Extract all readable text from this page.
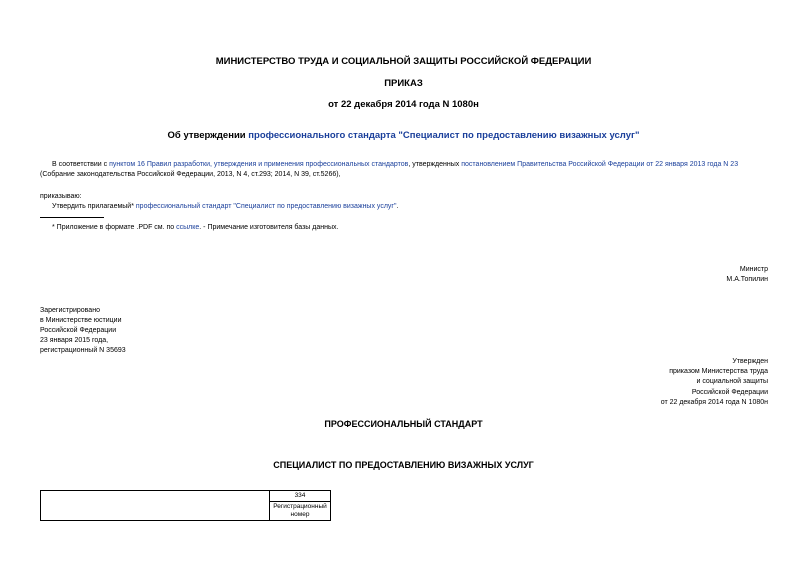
МИНИСТЕРСТВО ТРУДА И СОЦИАЛЬНОЙ ЗАЩИТЫ РОССИЙСКОЙ ФЕДЕРАЦИИ
ПРИКАЗ
от 22 декабря 2014 года N 1080н
Об утверждении профессионального стандарта "Специалист по предоставлению визажных услуг"
В соответствии с пунктом 16 Правил разработки, утверждения и применения профессиональных стандартов, утвержденных постановлением Правительства Российской Федерации от 22 января 2013 года N 23
(Собрание законодательства Российской Федерации, 2013, N 4, ст.293; 2014, N 39, ст.5266),
приказываю:
Утвердить прилагаемый* профессиональный стандарт "Специалист по предоставлению визажных услуг".
* Приложение в формате .PDF см. по ссылке. - Примечание изготовителя базы данных.
Министр
М.А.Топилин
Зарегистрировано
в Министерстве юстиции
Российской Федерации
23 января 2015 года,
регистрационный N 35693
Утвержден
приказом Министерства труда
и социальной защиты
Российской Федерации
от 22 декабря 2014 года N 1080н
ПРОФЕССИОНАЛЬНЫЙ СТАНДАРТ
СПЕЦИАЛИСТ ПО ПРЕДОСТАВЛЕНИЮ ВИЗАЖНЫХ УСЛУГ
	334
Регистрационный
номер
